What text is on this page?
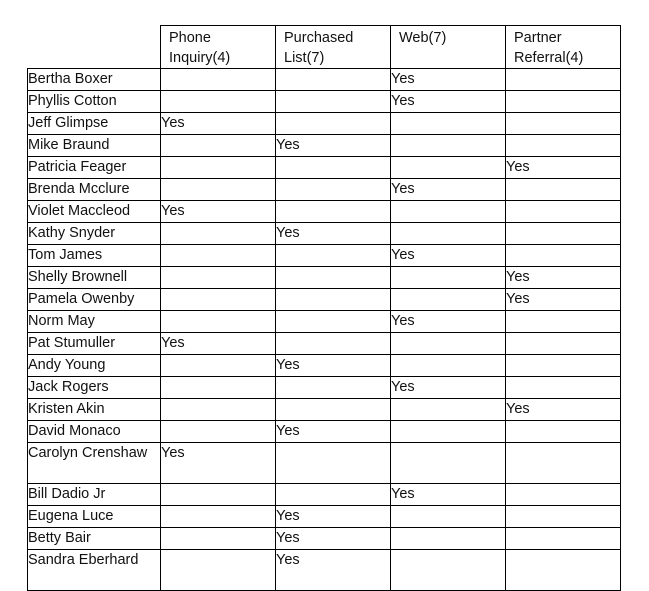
	Phone Inquiry(4)	Purchased List(7)	Web(7)	Partner Referral(4)
Bertha Boxer			Yes	
Phyllis Cotton			Yes	
Jeff Glimpse	Yes			
Mike Braund		Yes		
Patricia Feager				Yes
Brenda Mcclure			Yes	
Violet Maccleod	Yes			
Kathy Snyder		Yes		
Tom James			Yes	
Shelly Brownell				Yes
Pamela Owenby				Yes
Norm May			Yes	
Pat Stumuller	Yes			
Andy Young		Yes		
Jack Rogers			Yes	
Kristen Akin				Yes
David Monaco		Yes		
Carolyn Crenshaw	Yes			
Bill Dadio Jr			Yes	
Eugena Luce		Yes		
Betty Bair		Yes		
Sandra Eberhard		Yes		
